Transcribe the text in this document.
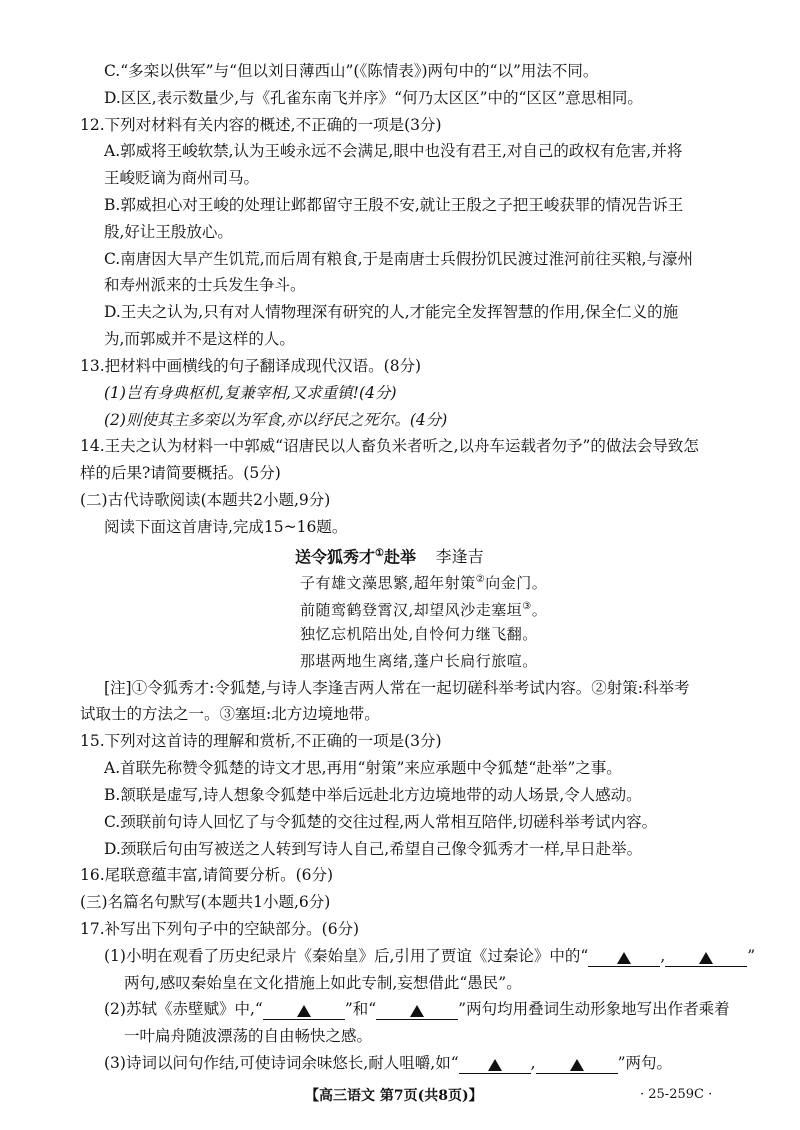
C.“多栾以供军”与“但以刘日薄西山”(《陈情表》)两句中的“以”用法不同。
D.区区,表示数量少,与《孔雀东南飞并序》“何乃太区区”中的“区区”意思相同。
12.下列对材料有关内容的概述,不正确的一项是(3分)
A.郭威将王峻软禁,认为王峻永远不会满足,眼中也没有君王,对自己的政权有危害,并将
王峻贬谪为商州司马。
B.郭威担心对王峻的处理让邺都留守王殷不安,就让王殷之子把王峻获罪的情况告诉王
殷,好让王殷放心。
C.南唐因大旱产生饥荒,而后周有粮食,于是南唐士兵假扮饥民渡过淮河前往买粮,与濠州
和寿州派来的士兵发生争斗。
D.王夫之认为,只有对人情物理深有研究的人,才能完全发挥智慧的作用,保全仁义的施
为,而郭威并不是这样的人。
13.把材料中画横线的句子翻译成现代汉语。(8分)
(1)岂有身典枢机,复兼宰相,又求重镇!(4分)
(2)则使其主多栾以为军食,亦以纾民之死尔。(4分)
14.王夫之认为材料一中郭威“诏唐民以人畜负米者听之,以舟车运载者勿予”的做法会导致怎
样的后果?请简要概括。(5分)
(二)古代诗歌阅读(本题共2小题,9分)
阅读下面这首唐诗,完成15~16题。
送令狐秀才①赴举 李逢吉
子有雄文藻思繁,超年射策②向金门。
前随鸾鹤登霄汉,却望风沙走塞垣③。
独忆忘机陪出处,自怜何力继飞翻。
那堪两地生离绪,蓬户长扃行旅喧。
[注]①令狐秀才:令狐楚,与诗人李逢吉两人常在一起切磋科举考试内容。②射策:科举考
试取士的方法之一。③塞垣:北方边境地带。
15.下列对这首诗的理解和赏析,不正确的一项是(3分)
A.首联先称赞令狐楚的诗文才思,再用“射策”来应承题中令狐楚“赴举”之事。
B.颔联是虚写,诗人想象令狐楚中举后远赴北方边境地带的动人场景,令人感动。
C.颈联前句诗人回忆了与令狐楚的交往过程,两人常相互陪伴,切磋科举考试内容。
D.颈联后句由写被送之人转到写诗人自己,希望自己像令狐秀才一样,早日赴举。
16.尾联意蕴丰富,请简要分析。(6分)
(三)名篇名句默写(本题共1小题,6分)
17.补写出下列句子中的空缺部分。(6分)
(1)小明在观看了历史纪录片《秦始皇》后,引用了贾谊《过秦论》中的“	,	”
两句,感叹秦始皇在文化措施上如此专制,妄想借此“愚民”。
(2)苏轼《赤壁赋》中,“	”和“	”两句均用叠词生动形象地写出作者乘着
一叶扁舟随波漂荡的自由畅快之感。
(3)诗词以问句作结,可使诗词余味悠长,耐人咀嚼,如“	,	”两句。
【高三语文 第7页(共8页)】	· 25-259C ·
